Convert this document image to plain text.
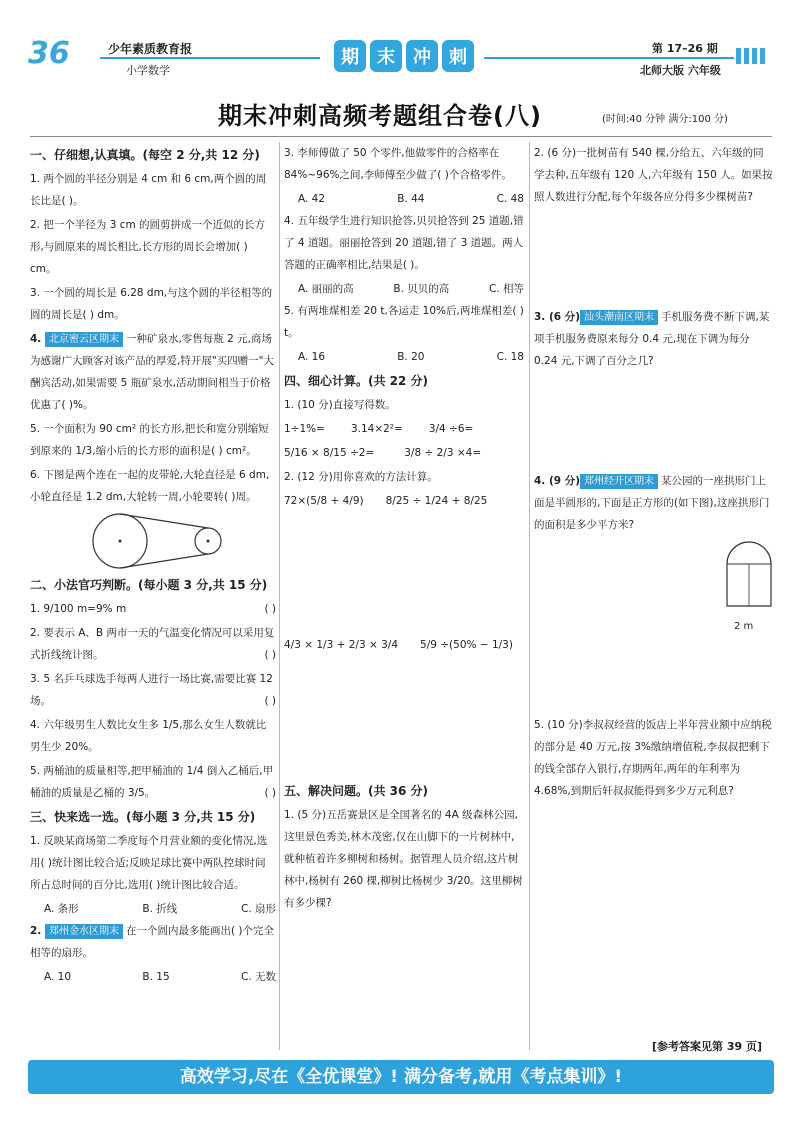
36	少年素质教育报
小学数学
期	末	冲	刺	第 17–26 期
北师大版 六年级
期末冲刺高频考题组合卷(八)	(时间:40 分钟 满分:100 分)
一、仔细想,认真填。(每空 2 分,共 12 分)
1. 两个圆的半径分别是 4 cm 和 6 cm,两个圆的周长比是( )。
2. 把一个半径为 3 cm 的圆剪拼成一个近似的长方形,与圆原来的周长相比,长方形的周长会增加( ) cm。
3. 一个圆的周长是 6.28 dm,与这个圆的半径相等的圆的周长是( ) dm。
4. 北京密云区期末 一种矿泉水,零售每瓶 2 元,商场为感谢广大顾客对该产品的厚爱,特开展"买四赠一"大酬宾活动,如果需要 5 瓶矿泉水,活动期间相当于价格优惠了( )%。
5. 一个面积为 90 cm² 的长方形,把长和宽分别缩短到原来的 1/3,缩小后的长方形的面积是( ) cm²。
6. 下图是两个连在一起的皮带轮,大轮直径是 6 dm,小轮直径是 1.2 dm,大轮转一周,小轮要转( )周。
二、小法官巧判断。(每小题 3 分,共 15 分)
( )
1. 9/100 m=9% m
2. 要表示 A、B 两市一天的气温变化情况可以采用复式折线统计图。	( )
3. 5 名乒乓球选手每两人进行一场比赛,需要比赛 12 场。	( )
4. 六年级男生人数比女生多 1/5,那么女生人数就比男生少 20%。
5. 两桶油的质量相等,把甲桶油的 1/4 倒入乙桶后,甲桶油的质量是乙桶的 3/5。	( )
三、快来选一选。(每小题 3 分,共 15 分)
1. 反映某商场第二季度每个月营业额的变化情况,选用( )统计图比较合适;反映足球比赛中两队控球时间所占总时间的百分比,选用( )统计图比较合适。
A. 条形	B. 折线	C. 扇形
2. 郑州金水区期末 在一个圆内最多能画出( )个完全相等的扇形。
A. 10	B. 15	C. 无数
3. 李师傅做了 50 个零件,他做零件的合格率在 84%~96%之间,李师傅至少做了( )个合格零件。
A. 42	B. 44	C. 48
4. 五年级学生进行知识抢答,贝贝抢答到 25 道题,错了 4 道题。丽丽抢答到 20 道题,错了 3 道题。两人答题的正确率相比,结果是( )。
A. 丽丽的高	B. 贝贝的高	C. 相等
5. 有两堆煤相差 20 t,各运走 10%后,两堆煤相差( ) t。
A. 16	B. 20	C. 18
四、细心计算。(共 22 分)
1. (10 分)直接写得数。
1÷1%= 3.14×2²= 3/4 ÷6=
5/16 × 8/15 ÷2=	3/8 ÷ 2/3 ×4=
2. (12 分)用你喜欢的方法计算。
72×(5/8 + 4/9) 8/25 ÷ 1/24 + 8/25
4/3 × 1/3 + 2/3 × 3/4 5/9 ÷(50% − 1/3)
五、解决问题。(共 36 分)
1. (5 分)五岳赛景区是全国著名的 4A 级森林公园,这里景色秀美,林木茂密,仅在山脚下的一片树林中,就种植着许多柳树和杨树。据管理人员介绍,这片树林中,杨树有 260 棵,柳树比杨树少 3/20。这里柳树有多少棵?
2. (6 分)一批树苗有 540 棵,分给五、六年级的同学去种,五年级有 120 人,六年级有 150 人。如果按照人数进行分配,每个年级各应分得多少棵树苗?
3. (6 分) 汕头潮南区期末 手机服务费不断下调,某项手机服务费原来每分 0.4 元,现在下调为每分 0.24 元,下调了百分之几?
4. (9 分) 郑州经开区期末 某公园的一座拱形门上面是半圆形的,下面是正方形的(如下图),这座拱形门的面积是多少平方米?
2 m
5. (10 分)李叔叔经营的饭店上半年营业额中应纳税的部分是 40 万元,按 3%缴纳增值税,李叔叔把剩下的钱全部存入银行,存期两年,两年的年利率为 4.68%,到期后轩叔叔能得到多少万元利息?
[参考答案见第 39 页]
高效学习,尽在《全优课堂》! 满分备考,就用《考点集训》!
